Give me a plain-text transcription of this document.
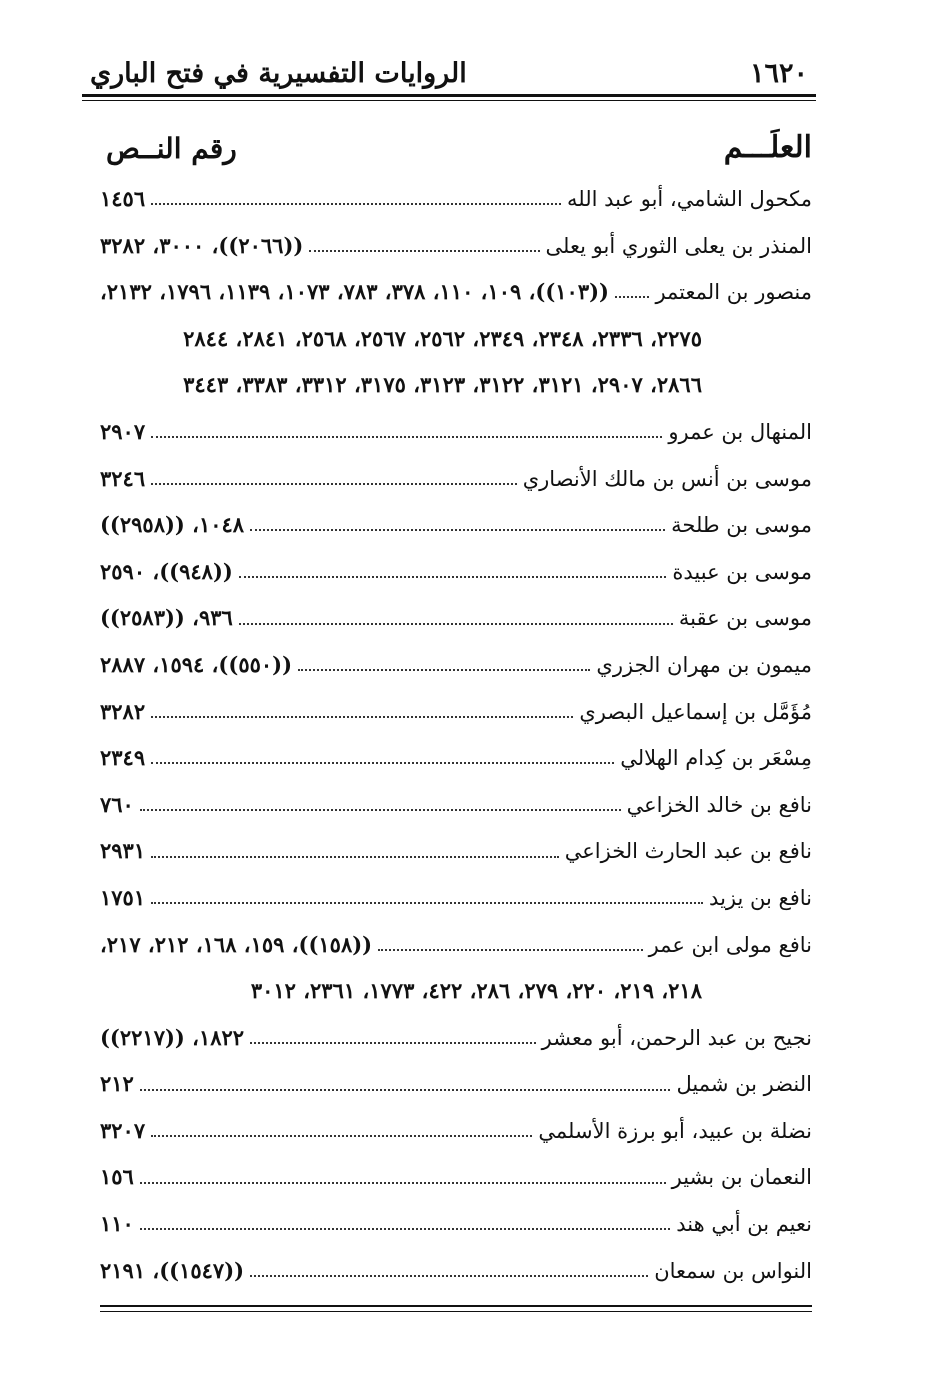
١٦٢٠
الروايات التفسيرية في فتح الباري
العلَـــم
رقم النــص
مكحول الشامي، أبو عبد الله
١٤٥٦
المنذر بن يعلى الثوري أبو يعلى
((٢٠٦٦))، ٣٠٠٠، ٣٢٨٢
منصور بن المعتمر
((١٠٣))، ١٠٩، ١١٠، ٣٧٨، ٧٨٣، ١٠٧٣، ١١٣٩، ١٧٩٦، ٢١٣٢،
٢٢٧٥، ٢٣٣٦، ٢٣٤٨، ٢٣٤٩، ٢٥٦٢، ٢٥٦٧، ٢٥٦٨، ٢٨٤١، ٢٨٤٤
٢٨٦٦، ٢٩٠٧، ٣١٢١، ٣١٢٢، ٣١٢٣، ٣١٧٥، ٣٣١٢، ٣٣٨٣، ٣٤٤٣
المنهال بن عمرو
٢٩٠٧
موسى بن أنس بن مالك الأنصاري
٣٢٤٦
موسى بن طلحة
١٠٤٨، ((٢٩٥٨))
موسى بن عبيدة
((٩٤٨))، ٢٥٩٠
موسى بن عقبة
٩٣٦، ((٢٥٨٣))
ميمون بن مهران الجزري
((٥٥٠))، ١٥٩٤، ٢٨٨٧
مُؤَمَّل بن إسماعيل البصري
٣٢٨٢
مِسْعَر بن كِدام الهلالي
٢٣٤٩
نافع بن خالد الخزاعي
٧٦٠
نافع بن عبد الحارث الخزاعي
٢٩٣١
نافع بن يزيد
١٧٥١
نافع مولى ابن عمر
((١٥٨))، ١٥٩، ١٦٨، ٢١٢، ٢١٧،
٢١٨، ٢١٩، ٢٢٠، ٢٧٩، ٢٨٦، ٤٢٢، ١٧٧٣، ٢٣٦١، ٣٠١٢
نجيح بن عبد الرحمن، أبو معشر
١٨٢٢، ((٢٢١٧))
النضر بن شميل
٢١٢
نضلة بن عبيد، أبو برزة الأسلمي
٣٢٠٧
النعمان بن بشير
١٥٦
نعيم بن أبي هند
١١٠
النواس بن سمعان
((١٥٤٧))، ٢١٩١
